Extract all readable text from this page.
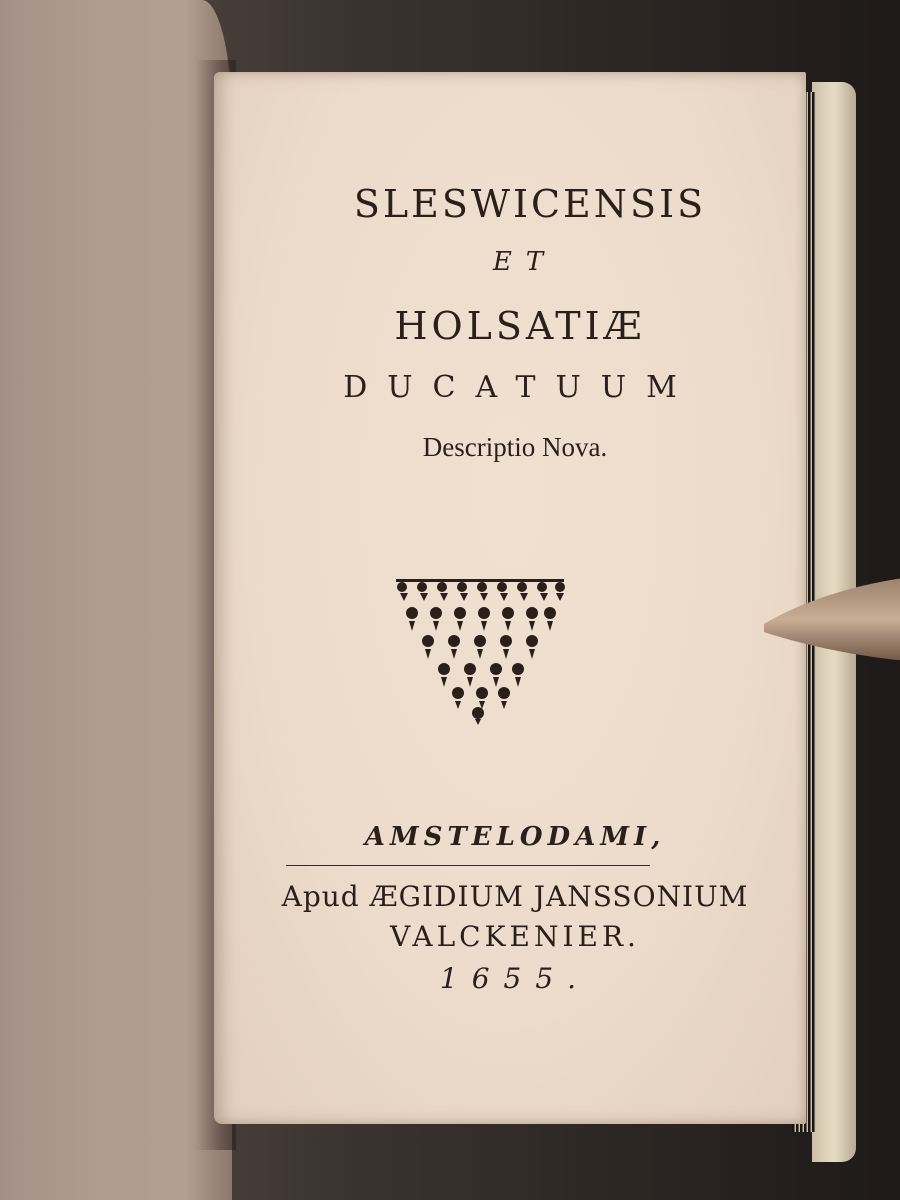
SLESWICENSIS
ET
HOLSATIÆ
DUCATUUM
Descriptio Nova.
AMSTELODAMI,
Apud ÆGIDIUM JANSSONIUM
VALCKENIER.
1655.
